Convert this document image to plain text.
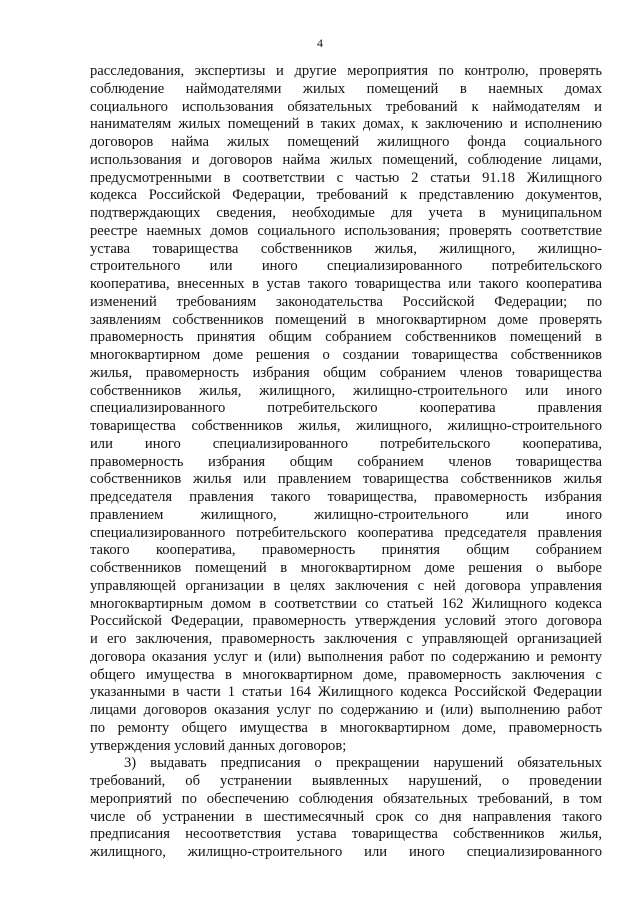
4
расследования, экспертизы и другие мероприятия по контролю, проверять
соблюдение наймодателями жилых помещений в наемных домах
социального использования обязательных требований к наймодателям и
нанимателям жилых помещений в таких домах, к заключению и исполнению
договоров найма жилых помещений жилищного фонда социального
использования и договоров найма жилых помещений, соблюдение лицами,
предусмотренными в соответствии с частью 2 статьи 91.18 Жилищного
кодекса Российской Федерации, требований к представлению документов,
подтверждающих сведения, необходимые для учета в муниципальном
реестре наемных домов социального использования; проверять соответствие
устава товарищества собственников жилья, жилищного, жилищно-
строительного или иного специализированного потребительского
кооператива, внесенных в устав такого товарищества или такого кооператива
изменений требованиям законодательства Российской Федерации; по
заявлениям собственников помещений в многоквартирном доме проверять
правомерность принятия общим собранием собственников помещений в
многоквартирном доме решения о создании товарищества собственников
жилья, правомерность избрания общим собранием членов товарищества
собственников жилья, жилищного, жилищно-строительного или иного
специализированного потребительского кооператива правления
товарищества собственников жилья, жилищного, жилищно-строительного
или иного специализированного потребительского кооператива,
правомерность избрания общим собранием членов товарищества
собственников жилья или правлением товарищества собственников жилья
председателя правления такого товарищества, правомерность избрания
правлением жилищного, жилищно-строительного или иного
специализированного потребительского кооператива председателя правления
такого кооператива, правомерность принятия общим собранием
собственников помещений в многоквартирном доме решения о выборе
управляющей организации в целях заключения с ней договора управления
многоквартирным домом в соответствии со статьей 162 Жилищного кодекса
Российской Федерации, правомерность утверждения условий этого договора
и его заключения, правомерность заключения с управляющей организацией
договора оказания услуг и (или) выполнения работ по содержанию и ремонту
общего имущества в многоквартирном доме, правомерность заключения с
указанными в части 1 статьи 164 Жилищного кодекса Российской Федерации
лицами договоров оказания услуг по содержанию и (или) выполнению работ
по ремонту общего имущества в многоквартирном доме, правомерность
утверждения условий данных договоров;
3) выдавать предписания о прекращении нарушений обязательных
требований, об устранении выявленных нарушений, о проведении
мероприятий по обеспечению соблюдения обязательных требований, в том
числе об устранении в шестимесячный срок со дня направления такого
предписания несоответствия устава товарищества собственников жилья,
жилищного, жилищно-строительного или иного специализированного
